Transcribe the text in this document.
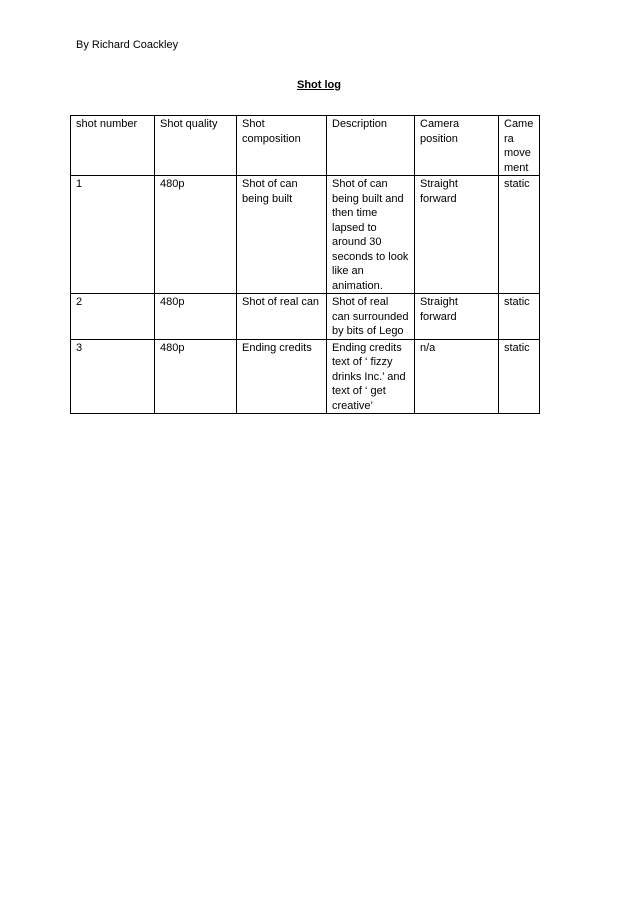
By Richard Coackley
Shot log
shot number	Shot quality	Shot composition	Description	Camera position	Camera movement
1	480p	Shot of can being built	Shot of can being built and then time lapsed to around 30 seconds to look like an animation.	Straight forward	static
2	480p	Shot of real can	Shot of real can surrounded by bits of Lego	Straight forward	static
3	480p	Ending credits	Ending credits text of ‘ fizzy drinks Inc.’ and text of ‘ get creative’	n/a	static
